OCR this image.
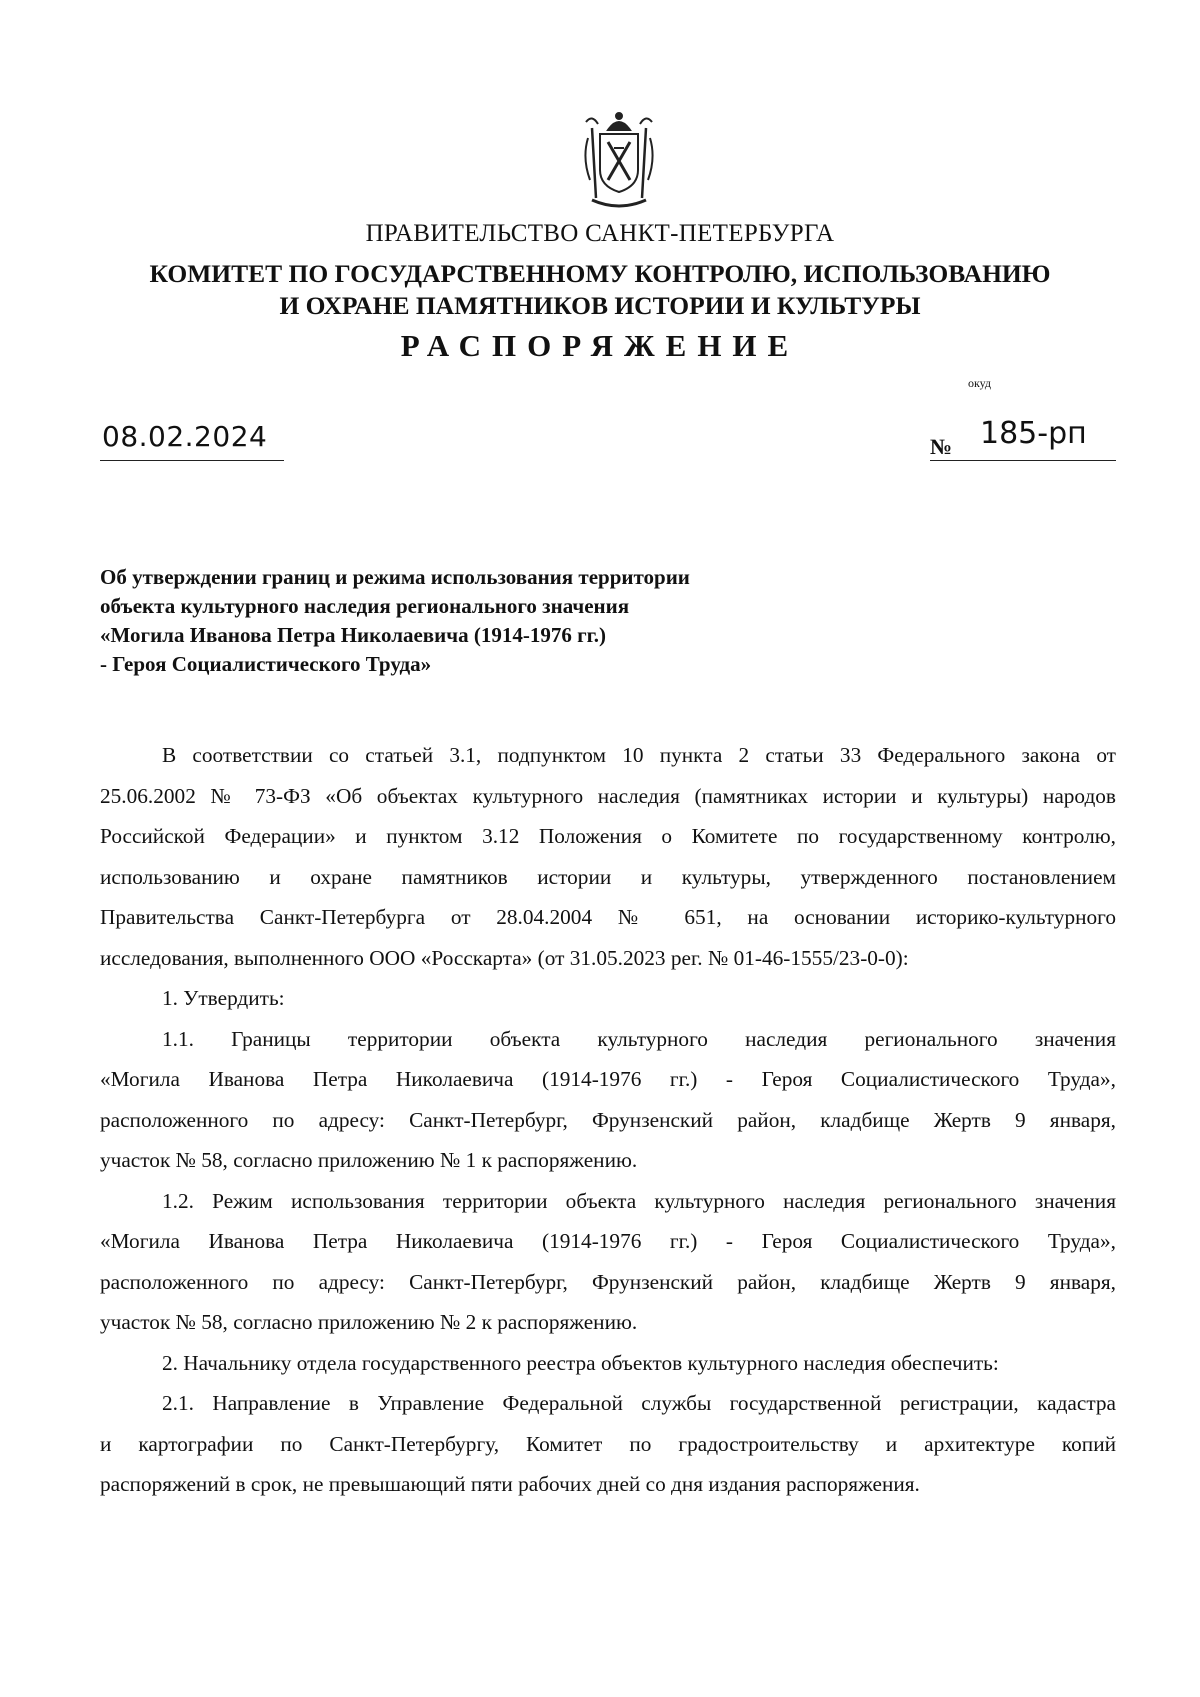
ПРАВИТЕЛЬСТВО САНКТ-ПЕТЕРБУРГА
КОМИТЕТ ПО ГОСУДАРСТВЕННОМУ КОНТРОЛЮ, ИСПОЛЬЗОВАНИЮ
И ОХРАНЕ ПАМЯТНИКОВ ИСТОРИИ И КУЛЬТУРЫ
РАСПОРЯЖЕНИЕ
окуд
08.02.2024	№ 185-рп
Об утверждении границ и режима использования территории
объекта культурного наследия регионального значения
«Могила Иванова Петра Николаевича (1914-1976 гг.)
- Героя Социалистического Труда»
В соответствии со статьей 3.1, подпунктом 10 пункта 2 статьи 33 Федерального закона от
25.06.2002 № 73-ФЗ «Об объектах культурного наследия (памятниках истории и культуры) народов
Российской Федерации» и пунктом 3.12 Положения о Комитете по государственному контролю,
использованию и охране памятников истории и культуры, утвержденного постановлением
Правительства Санкт-Петербурга от 28.04.2004 № 651, на основании историко-культурного
исследования, выполненного ООО «Росскарта» (от 31.05.2023 рег. № 01-46-1555/23-0-0):
1. Утвердить:
1.1. Границы территории объекта культурного наследия регионального значения
«Могила Иванова Петра Николаевича (1914-1976 гг.) - Героя Социалистического Труда»,
расположенного по адресу: Санкт-Петербург, Фрунзенский район, кладбище Жертв 9 января,
участок № 58, согласно приложению № 1 к распоряжению.
1.2. Режим использования территории объекта культурного наследия регионального значения
«Могила Иванова Петра Николаевича (1914-1976 гг.) - Героя Социалистического Труда»,
расположенного по адресу: Санкт-Петербург, Фрунзенский район, кладбище Жертв 9 января,
участок № 58, согласно приложению № 2 к распоряжению.
2. Начальнику отдела государственного реестра объектов культурного наследия обеспечить:
2.1. Направление в Управление Федеральной службы государственной регистрации, кадастра
и картографии по Санкт-Петербургу, Комитет по градостроительству и архитектуре копий
распоряжений в срок, не превышающий пяти рабочих дней со дня издания распоряжения.
